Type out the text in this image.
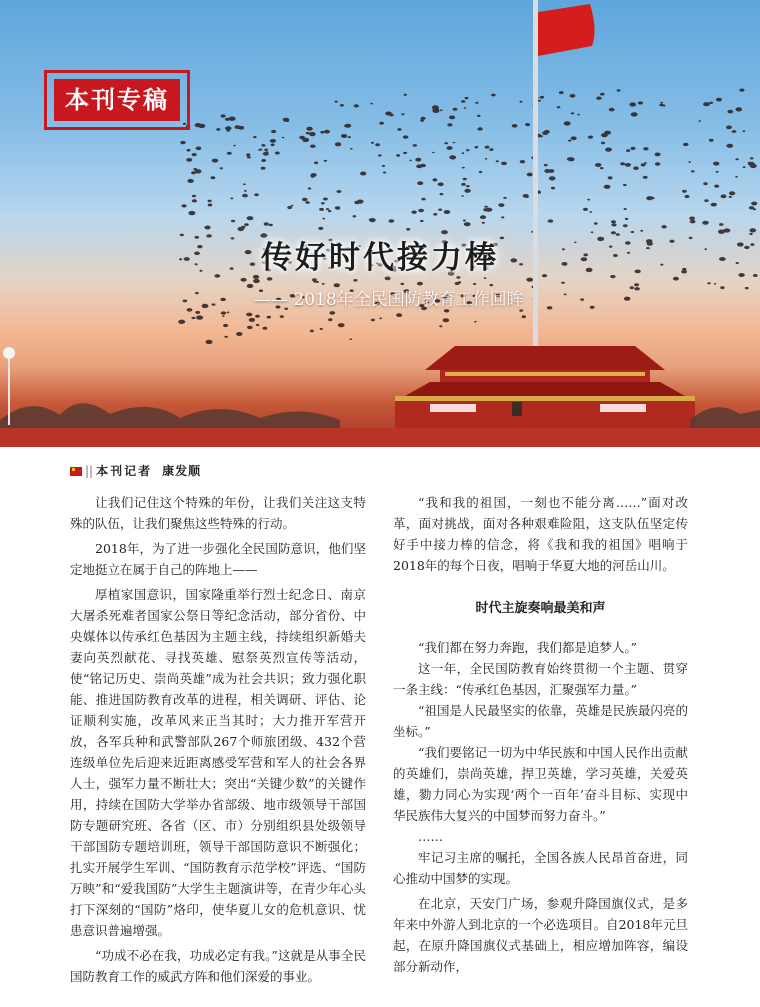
本刊专稿
传好时代接力棒
—— 2018年全民国防教育工作回眸
|| 本刊记者 康发顺

让我们记住这个特殊的年份，让我们关注这支特殊的队伍，让我们聚焦这些特殊的行动。

2018年，为了进一步强化全民国防意识，他们坚定地挺立在属于自己的阵地上——

厚植家国意识，国家隆重举行烈士纪念日、南京大屠杀死难者国家公祭日等纪念活动，部分省份、中央媒体以传承红色基因为主题主线，持续组织新婚夫妻向英烈献花、寻找英雄、慰祭英烈宣传等活动，使“铭记历史、崇尚英雄”成为社会共识；致力强化职能、推进国防教育改革的进程，相关调研、评估、论证顺利实施，改革风来正当其时；大力推开军营开放，各军兵种和武警部队267个师旅团级、432个营连级单位先后迎来近距离感受军营和军人的社会各界人士，强军力量不断壮大；突出“关键少数”的关键作用，持续在国防大学举办省部级、地市级领导干部国防专题研究班、各省（区、市）分别组织县处级领导干部国防专题培训班，领导干部国防意识不断强化；扎实开展学生军训、“国防教育示范学校”评选、“国防万映”和“爱我国防”大学生主题演讲等，在青少年心头打下深刻的“国防”烙印，使华夏儿女的危机意识、忧患意识普遍增强。

“功成不必在我，功成必定有我。”这就是从事全民国防教育工作的威武方阵和他们深爱的事业。

“我和我的祖国，一刻也不能分离……”面对改革，面对挑战，面对各种艰难险阻，这支队伍坚定传好手中接力棒的信念，将《我和我的祖国》唱响于2018年的每个日夜，唱响于华夏大地的河岳山川。

时代主旋奏响最美和声

“我们都在努力奔跑，我们都是追梦人。”

这一年，全民国防教育始终贯彻一个主题、贯穿一条主线：“传承红色基因，汇聚强军力量。”

“祖国是人民最坚实的依靠，英雄是民族最闪亮的坐标。”

“我们要铭记一切为中华民族和中国人民作出贡献的英雄们，崇尚英雄，捍卫英雄，学习英雄，关爱英雄，勠力同心为实现‘两个一百年’奋斗目标、实现中华民族伟大复兴的中国梦而努力奋斗。”

……

牢记习主席的嘱托，全国各族人民昂首奋进，同心推动中国梦的实现。

在北京，天安门广场，参观升降国旗仪式，是多年来中外游人到北京的一个必选项目。自2018年元旦起，在原升降国旗仪式基础上，相应增加阵容，编设部分新动作，
